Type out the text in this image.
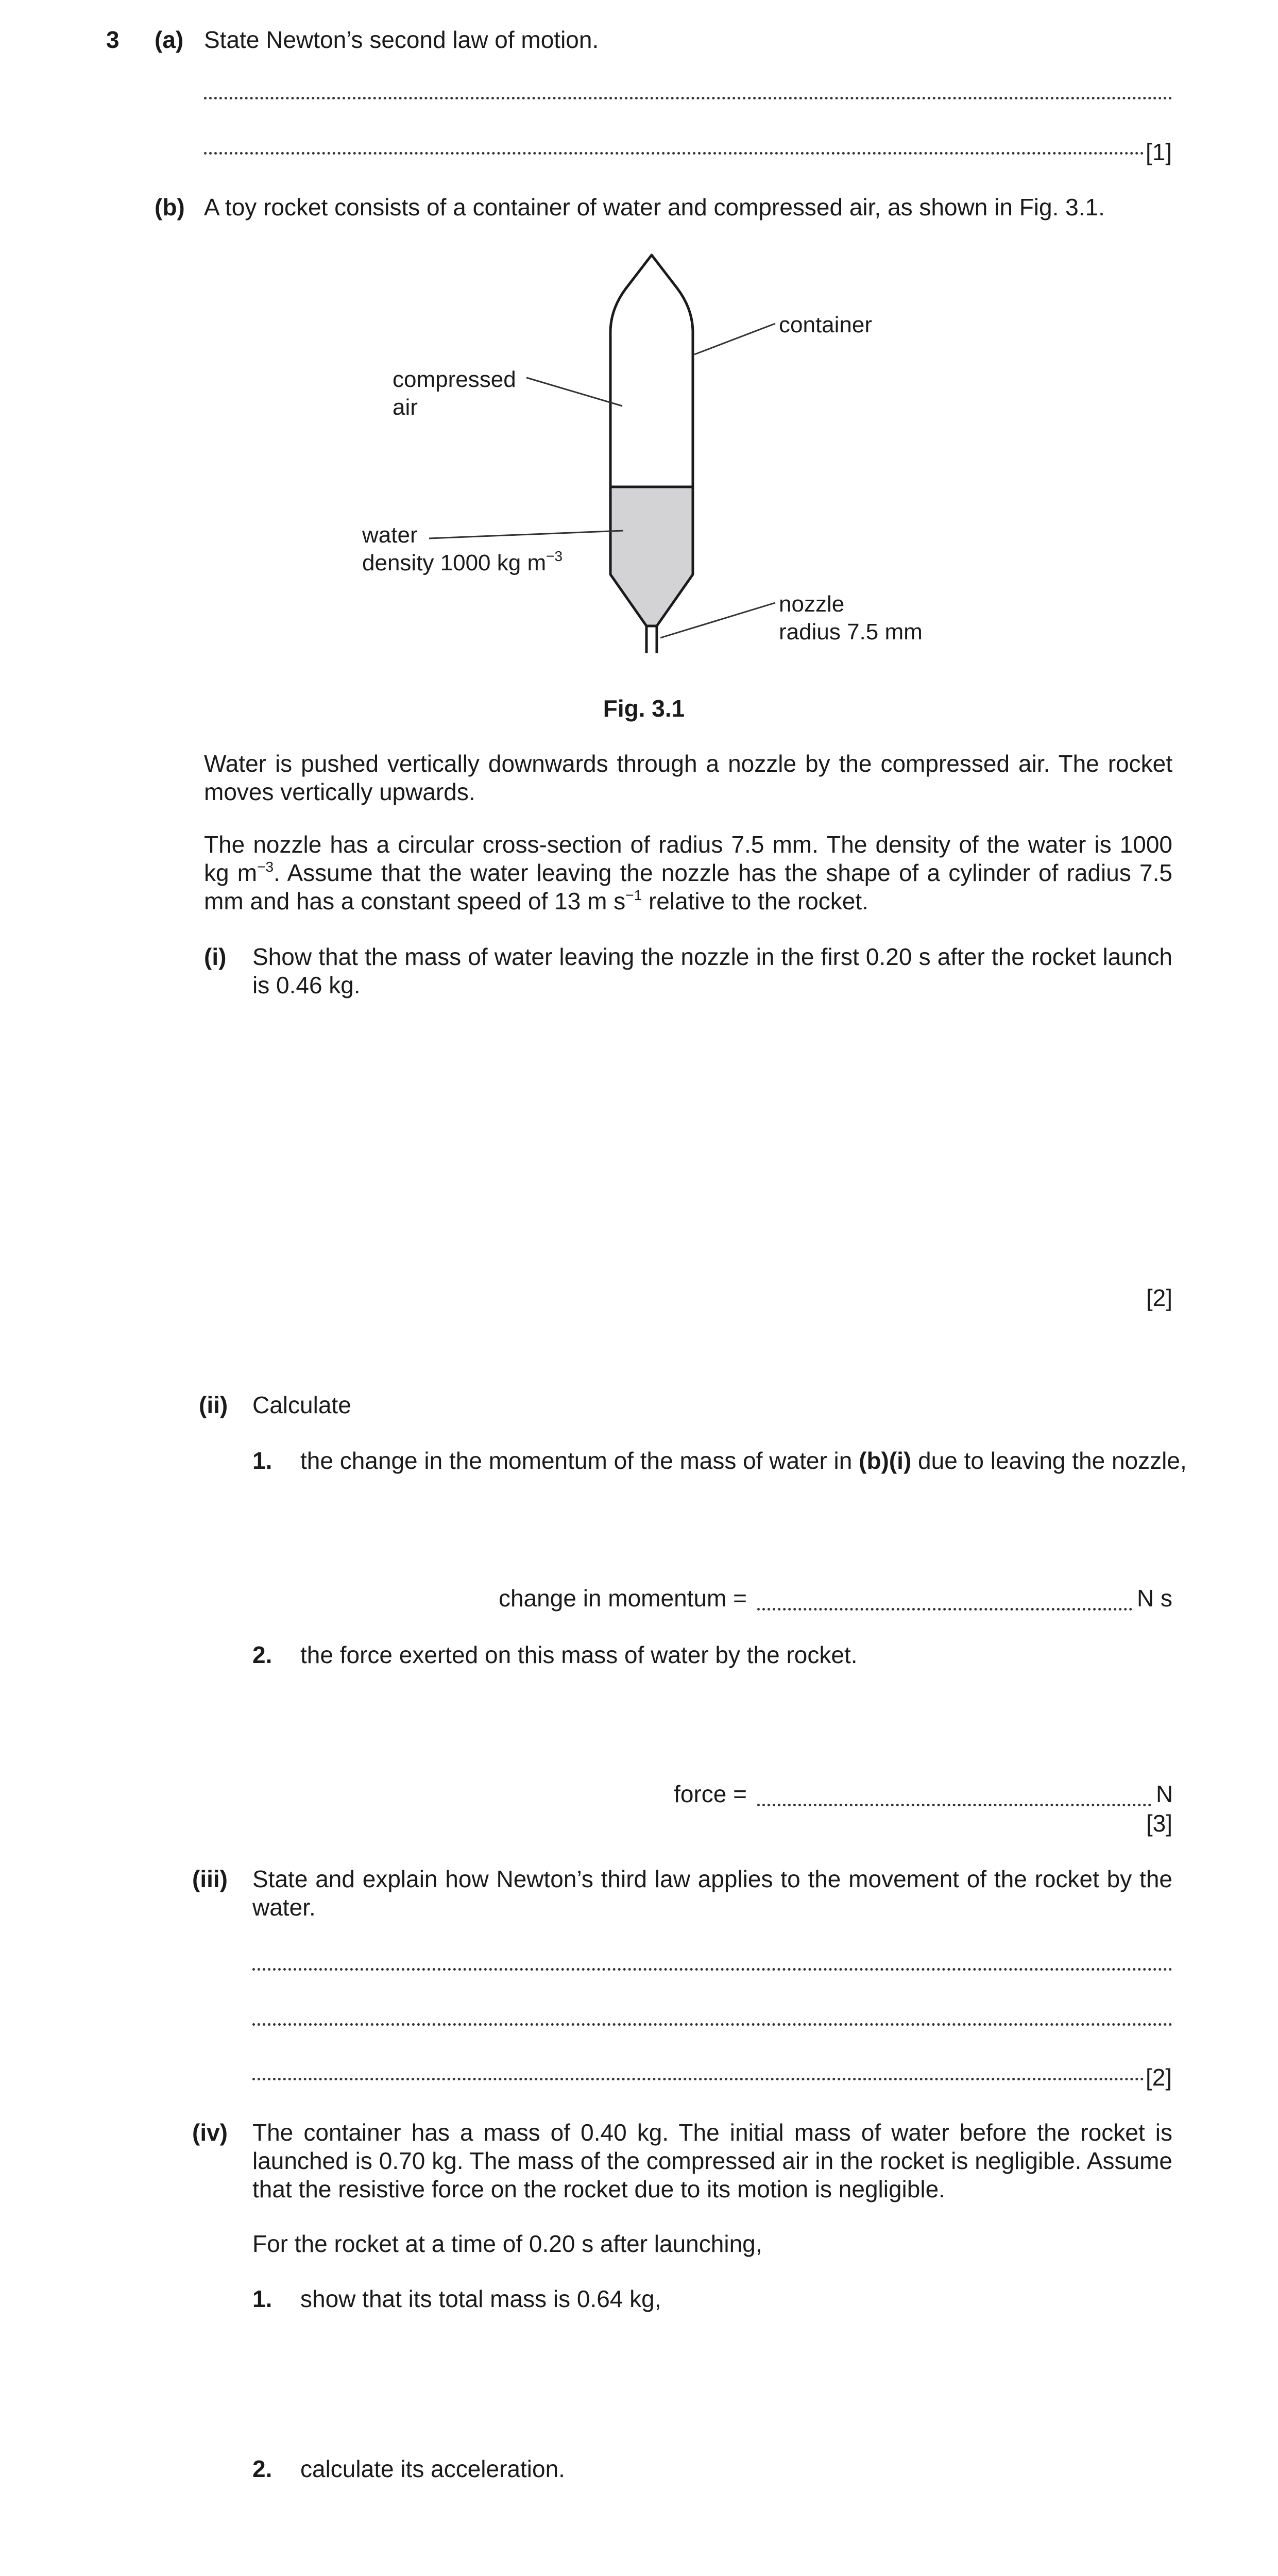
3 (a) State Newton’s second law of motion.
[1]
(b) A toy rocket consists of a container of water and compressed air, as shown in Fig. 3.1.
container
compressed
air
water
density 1000 kg $m^{-3}$
nozzle
radius 7.5 mm
Fig. 3.1
Water is pushed vertically downwards through a nozzle by the compressed air. The rocket moves vertically upwards.
The nozzle has a circular cross-section of radius 7.5 mm. The density of the water is 1000 kg $m^{-3}$. Assume that the water leaving the nozzle has the shape of a cylinder of radius 7.5 mm and has a constant speed of 13 m $s^{-1}$ relative to the rocket.
(i) Show that the mass of water leaving the nozzle in the first 0.20 s after the rocket launch is 0.46 kg.
[2]
(ii) Calculate
1. the change in the momentum of the mass of water in (b)(i) due to leaving the nozzle,
change in momentum =	N s
2. the force exerted on this mass of water by the rocket.
force =	N
[3]
(iii) State and explain how Newton’s third law applies to the movement of the rocket by the water.
[2]
(iv) The container has a mass of 0.40 kg. The initial mass of water before the rocket is launched is 0.70 kg. The mass of the compressed air in the rocket is negligible. Assume that the resistive force on the rocket due to its motion is negligible.
For the rocket at a time of 0.20 s after launching,
1. show that its total mass is 0.64 kg,
2. calculate its acceleration.
